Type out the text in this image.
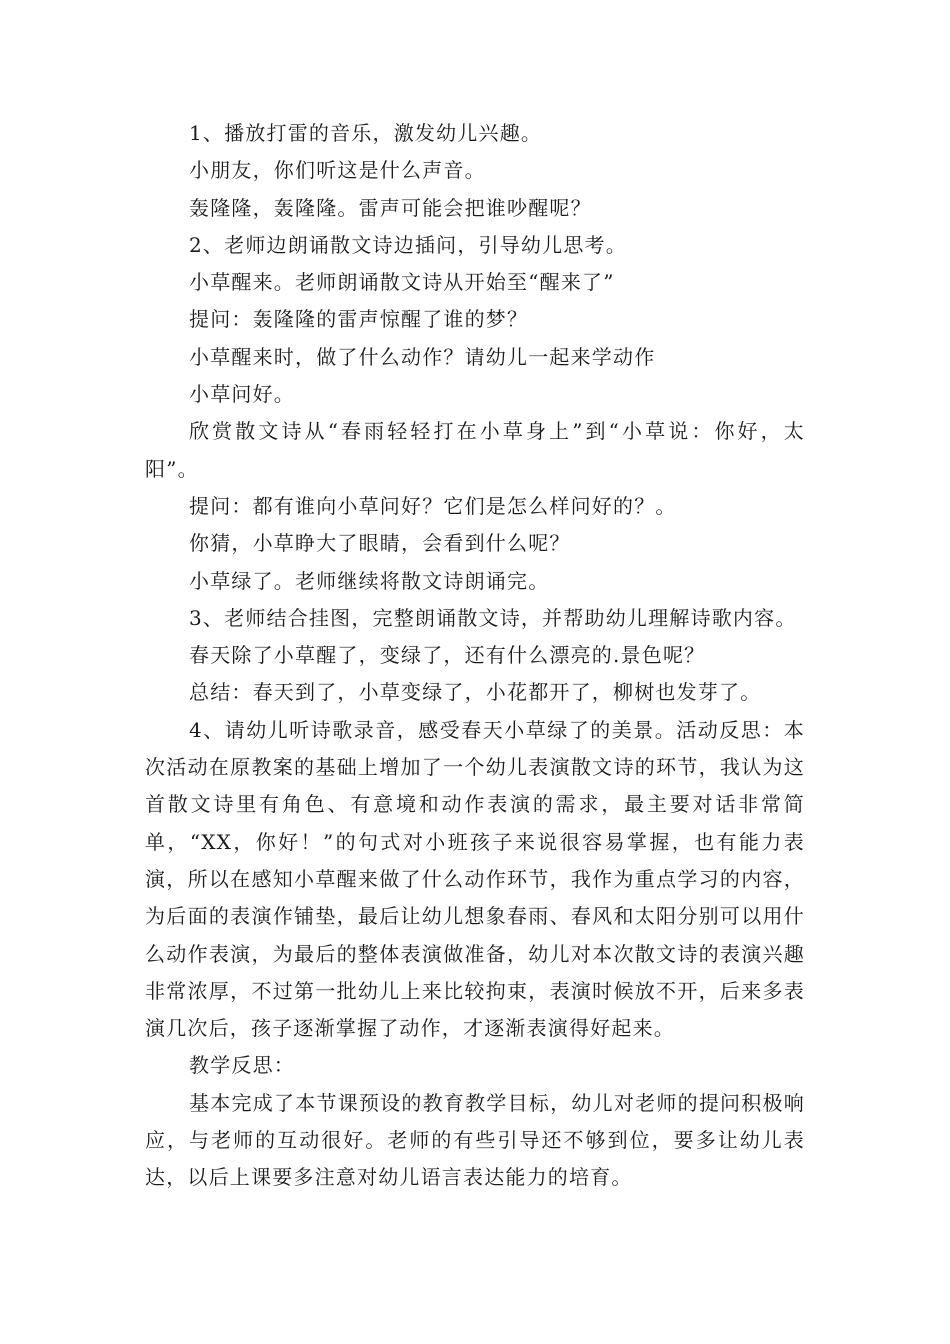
1、播放打雷的音乐，激发幼儿兴趣。

小朋友，你们听这是什么声音。

轰隆隆，轰隆隆。雷声可能会把谁吵醒呢？

2、老师边朗诵散文诗边插问，引导幼儿思考。

小草醒来。老师朗诵散文诗从开始至“醒来了”

提问：轰隆隆的雷声惊醒了谁的梦？

小草醒来时，做了什么动作？请幼儿一起来学动作

小草问好。

欣赏散文诗从“春雨轻轻打在小草身上”到“小草说：你好，太阳”。

提问：都有谁向小草问好？它们是怎么样问好的？。

你猜，小草睁大了眼睛，会看到什么呢？

小草绿了。老师继续将散文诗朗诵完。

3、老师结合挂图，完整朗诵散文诗，并帮助幼儿理解诗歌内容。

春天除了小草醒了，变绿了，还有什么漂亮的.景色呢？

总结：春天到了，小草变绿了，小花都开了，柳树也发芽了。

4、请幼儿听诗歌录音，感受春天小草绿了的美景。活动反思：本次活动在原教案的基础上增加了一个幼儿表演散文诗的环节，我认为这首散文诗里有角色、有意境和动作表演的需求，最主要对话非常简单，“XX，你好！”的句式对小班孩子来说很容易掌握，也有能力表演，所以在感知小草醒来做了什么动作环节，我作为重点学习的内容，为后面的表演作铺垫，最后让幼儿想象春雨、春风和太阳分别可以用什么动作表演，为最后的整体表演做准备，幼儿对本次散文诗的表演兴趣非常浓厚，不过第一批幼儿上来比较拘束，表演时候放不开，后来多表演几次后，孩子逐渐掌握了动作，才逐渐表演得好起来。

教学反思：

基本完成了本节课预设的教育教学目标，幼儿对老师的提问积极响应，与老师的互动很好。老师的有些引导还不够到位，要多让幼儿表达，以后上课要多注意对幼儿语言表达能力的培育。
